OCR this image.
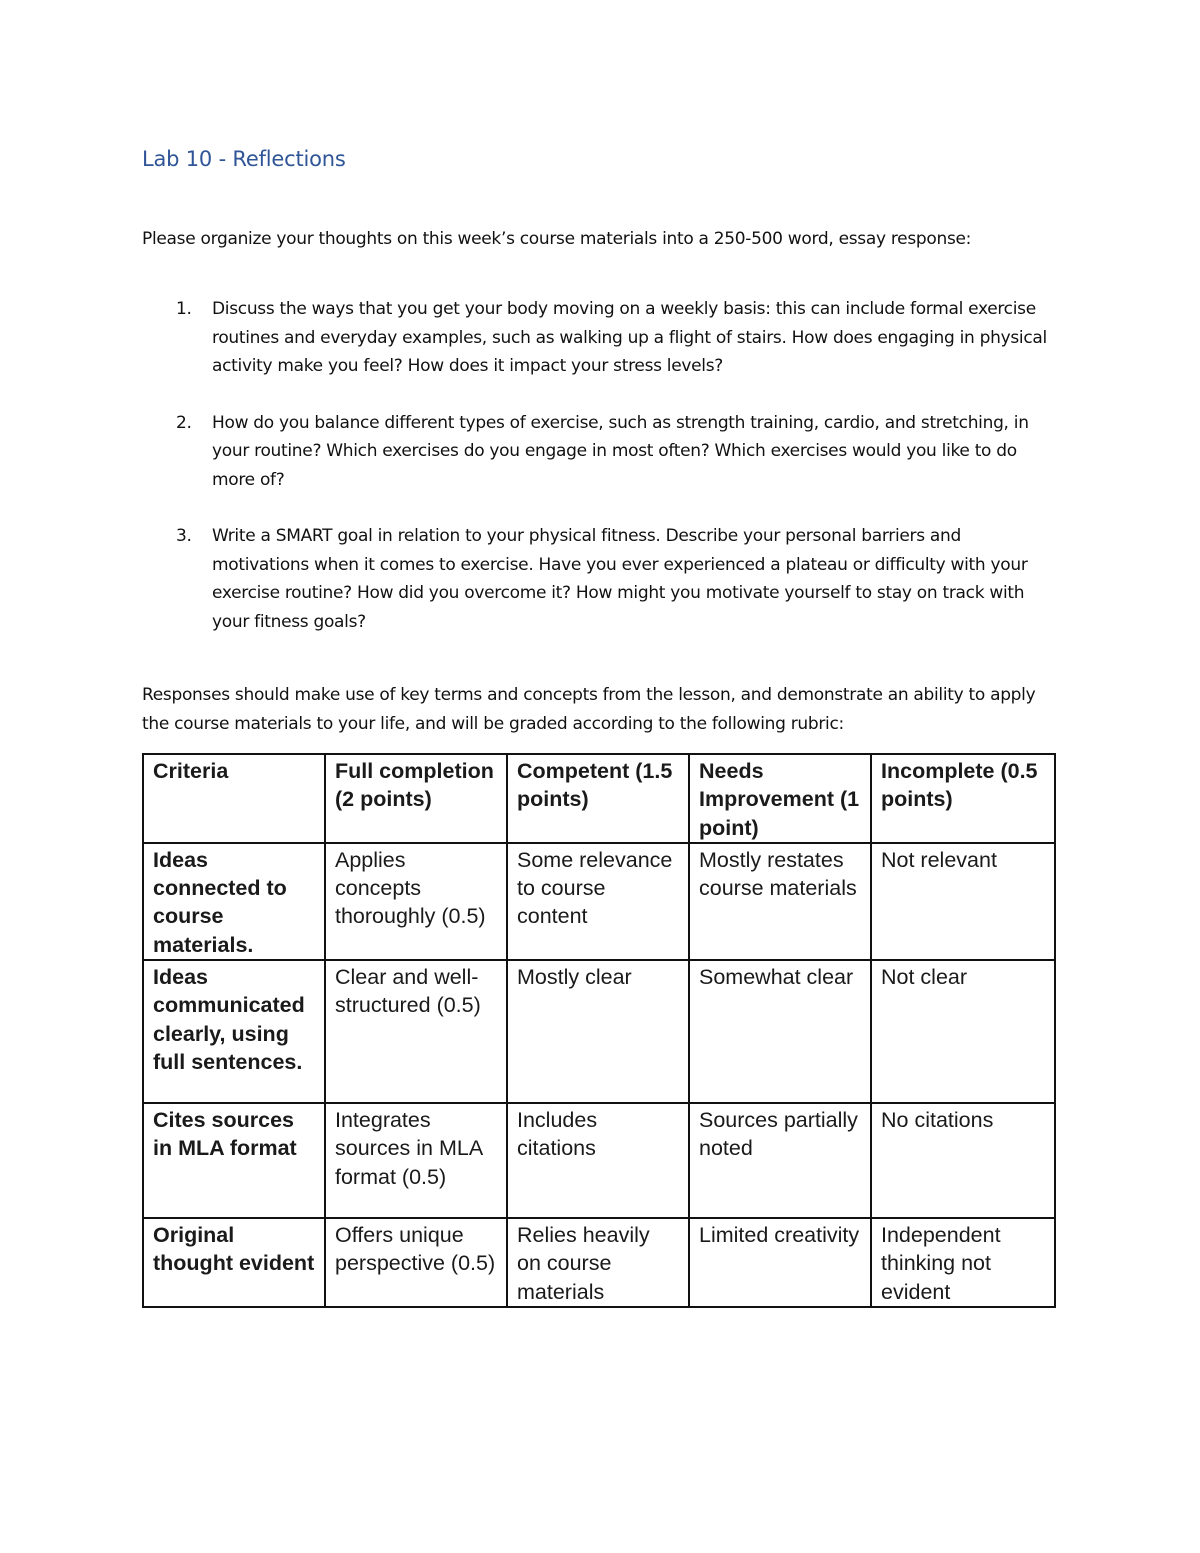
Lab 10 - Reflections
Please organize your thoughts on this week’s course materials into a 250-500 word, essay response:
1.	Discuss the ways that you get your body moving on a weekly basis: this can include formal exercise routines and everyday examples, such as walking up a flight of stairs. How does engaging in physical activity make you feel? How does it impact your stress levels?
2.	How do you balance different types of exercise, such as strength training, cardio, and stretching, in your routine? Which exercises do you engage in most often? Which exercises would you like to do more of?
3.	Write a SMART goal in relation to your physical fitness. Describe your personal barriers and motivations when it comes to exercise. Have you ever experienced a plateau or difficulty with your exercise routine? How did you overcome it? How might you motivate yourself to stay on track with your fitness goals?
Responses should make use of key terms and concepts from the lesson, and demonstrate an ability to apply the course materials to your life, and will be graded according to the following rubric:
Criteria	Full completion (2 points)	Competent (1.5 points)	Needs Improvement (1 point)	Incomplete (0.5 points)
Ideas connected to course materials.	Applies concepts thoroughly (0.5)	Some relevance to course content	Mostly restates course materials	Not relevant
Ideas communicated clearly, using full sentences.	Clear and well-structured (0.5)	Mostly clear	Somewhat clear	Not clear
Cites sources in MLA format	Integrates sources in MLA format (0.5)	Includes citations	Sources partially noted	No citations
Original thought evident	Offers unique perspective (0.5)	Relies heavily on course materials	Limited creativity	Independent thinking not evident
